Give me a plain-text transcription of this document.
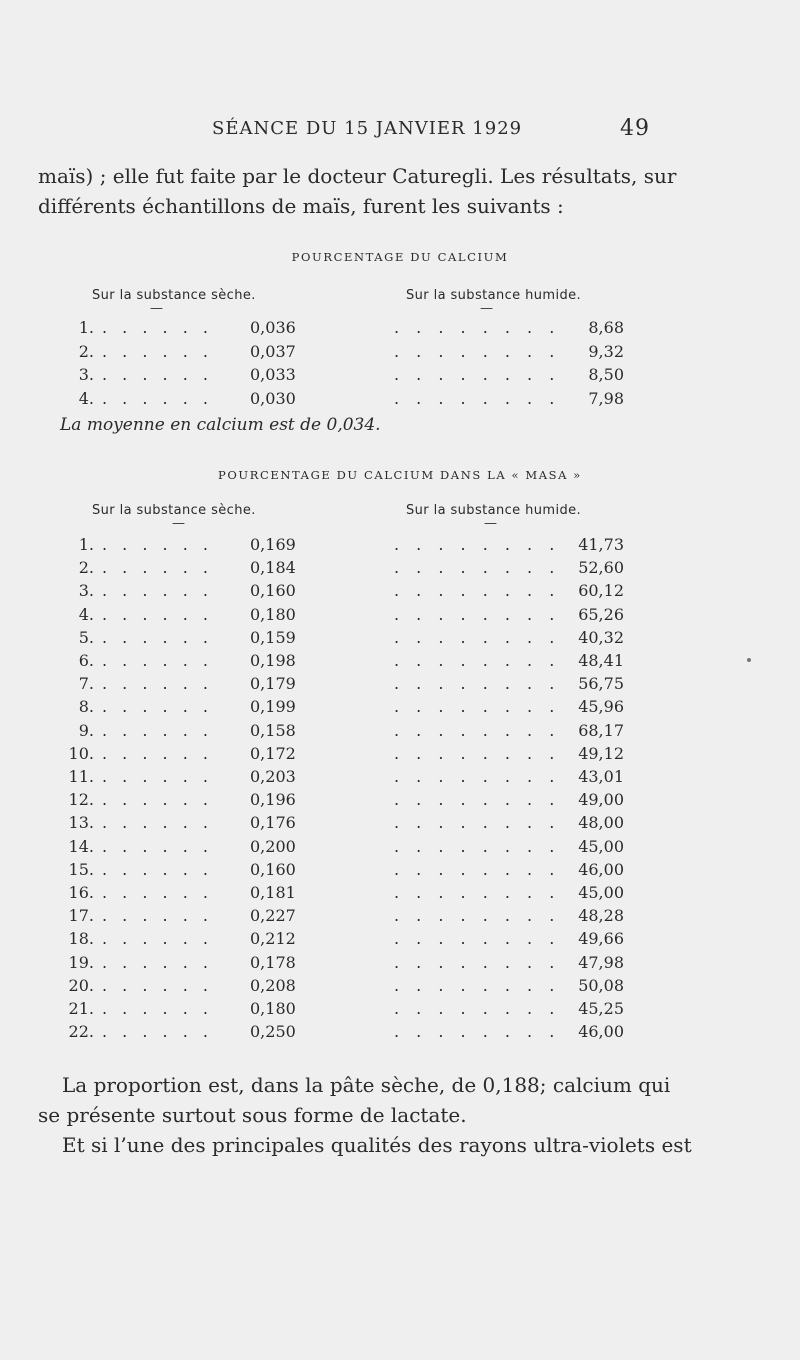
SÉANCE DU 15 JANVIER 1929	49
maïs) ; elle fut faite par le docteur Caturegli. Les résultats, sur
différents échantillons de maïs, furent les suivants :
POURCENTAGE DU CALCIUM
Sur la substance sèche.	Sur la substance humide.
—	—
1. . . . . . . 0,036	. . . . . . . . 8,68
2. . . . . . . 0,037	. . . . . . . . 9,32
3. . . . . . . 0,033	. . . . . . . . 8,50
4. . . . . . . 0,030	. . . . . . . . 7,98
La moyenne en calcium est de 0,034.
POURCENTAGE DU CALCIUM DANS LA « MASA »
Sur la substance sèche.	Sur la substance humide.
—	—
1. . . . . . . 0,169	. . . . . . . . 41,73
2. . . . . . . 0,184	. . . . . . . . 52,60
3. . . . . . . 0,160	. . . . . . . . 60,12
4. . . . . . . 0,180	. . . . . . . . 65,26
5. . . . . . . 0,159	. . . . . . . . 40,32
6. . . . . . . 0,198	. . . . . . . . 48,41
7. . . . . . . 0,179	. . . . . . . . 56,75
8. . . . . . . 0,199	. . . . . . . . 45,96
9. . . . . . . 0,158	. . . . . . . . 68,17
10. . . . . . . 0,172	. . . . . . . . 49,12
11. . . . . . . 0,203	. . . . . . . . 43,01
12. . . . . . . 0,196	. . . . . . . . 49,00
13. . . . . . . 0,176	. . . . . . . . 48,00
14. . . . . . . 0,200	. . . . . . . . 45,00
15. . . . . . . 0,160	. . . . . . . . 46,00
16. . . . . . . 0,181	. . . . . . . . 45,00
17. . . . . . . 0,227	. . . . . . . . 48,28
18. . . . . . . 0,212	. . . . . . . . 49,66
19. . . . . . . 0,178	. . . . . . . . 47,98
20. . . . . . . 0,208	. . . . . . . . 50,08
21. . . . . . . 0,180	. . . . . . . . 45,25
22. . . . . . . 0,250	. . . . . . . . 46,00
La proportion est, dans la pâte sèche, de 0,188; calcium qui
se présente surtout sous forme de lactate.
Et si l’une des principales qualités des rayons ultra-violets est
